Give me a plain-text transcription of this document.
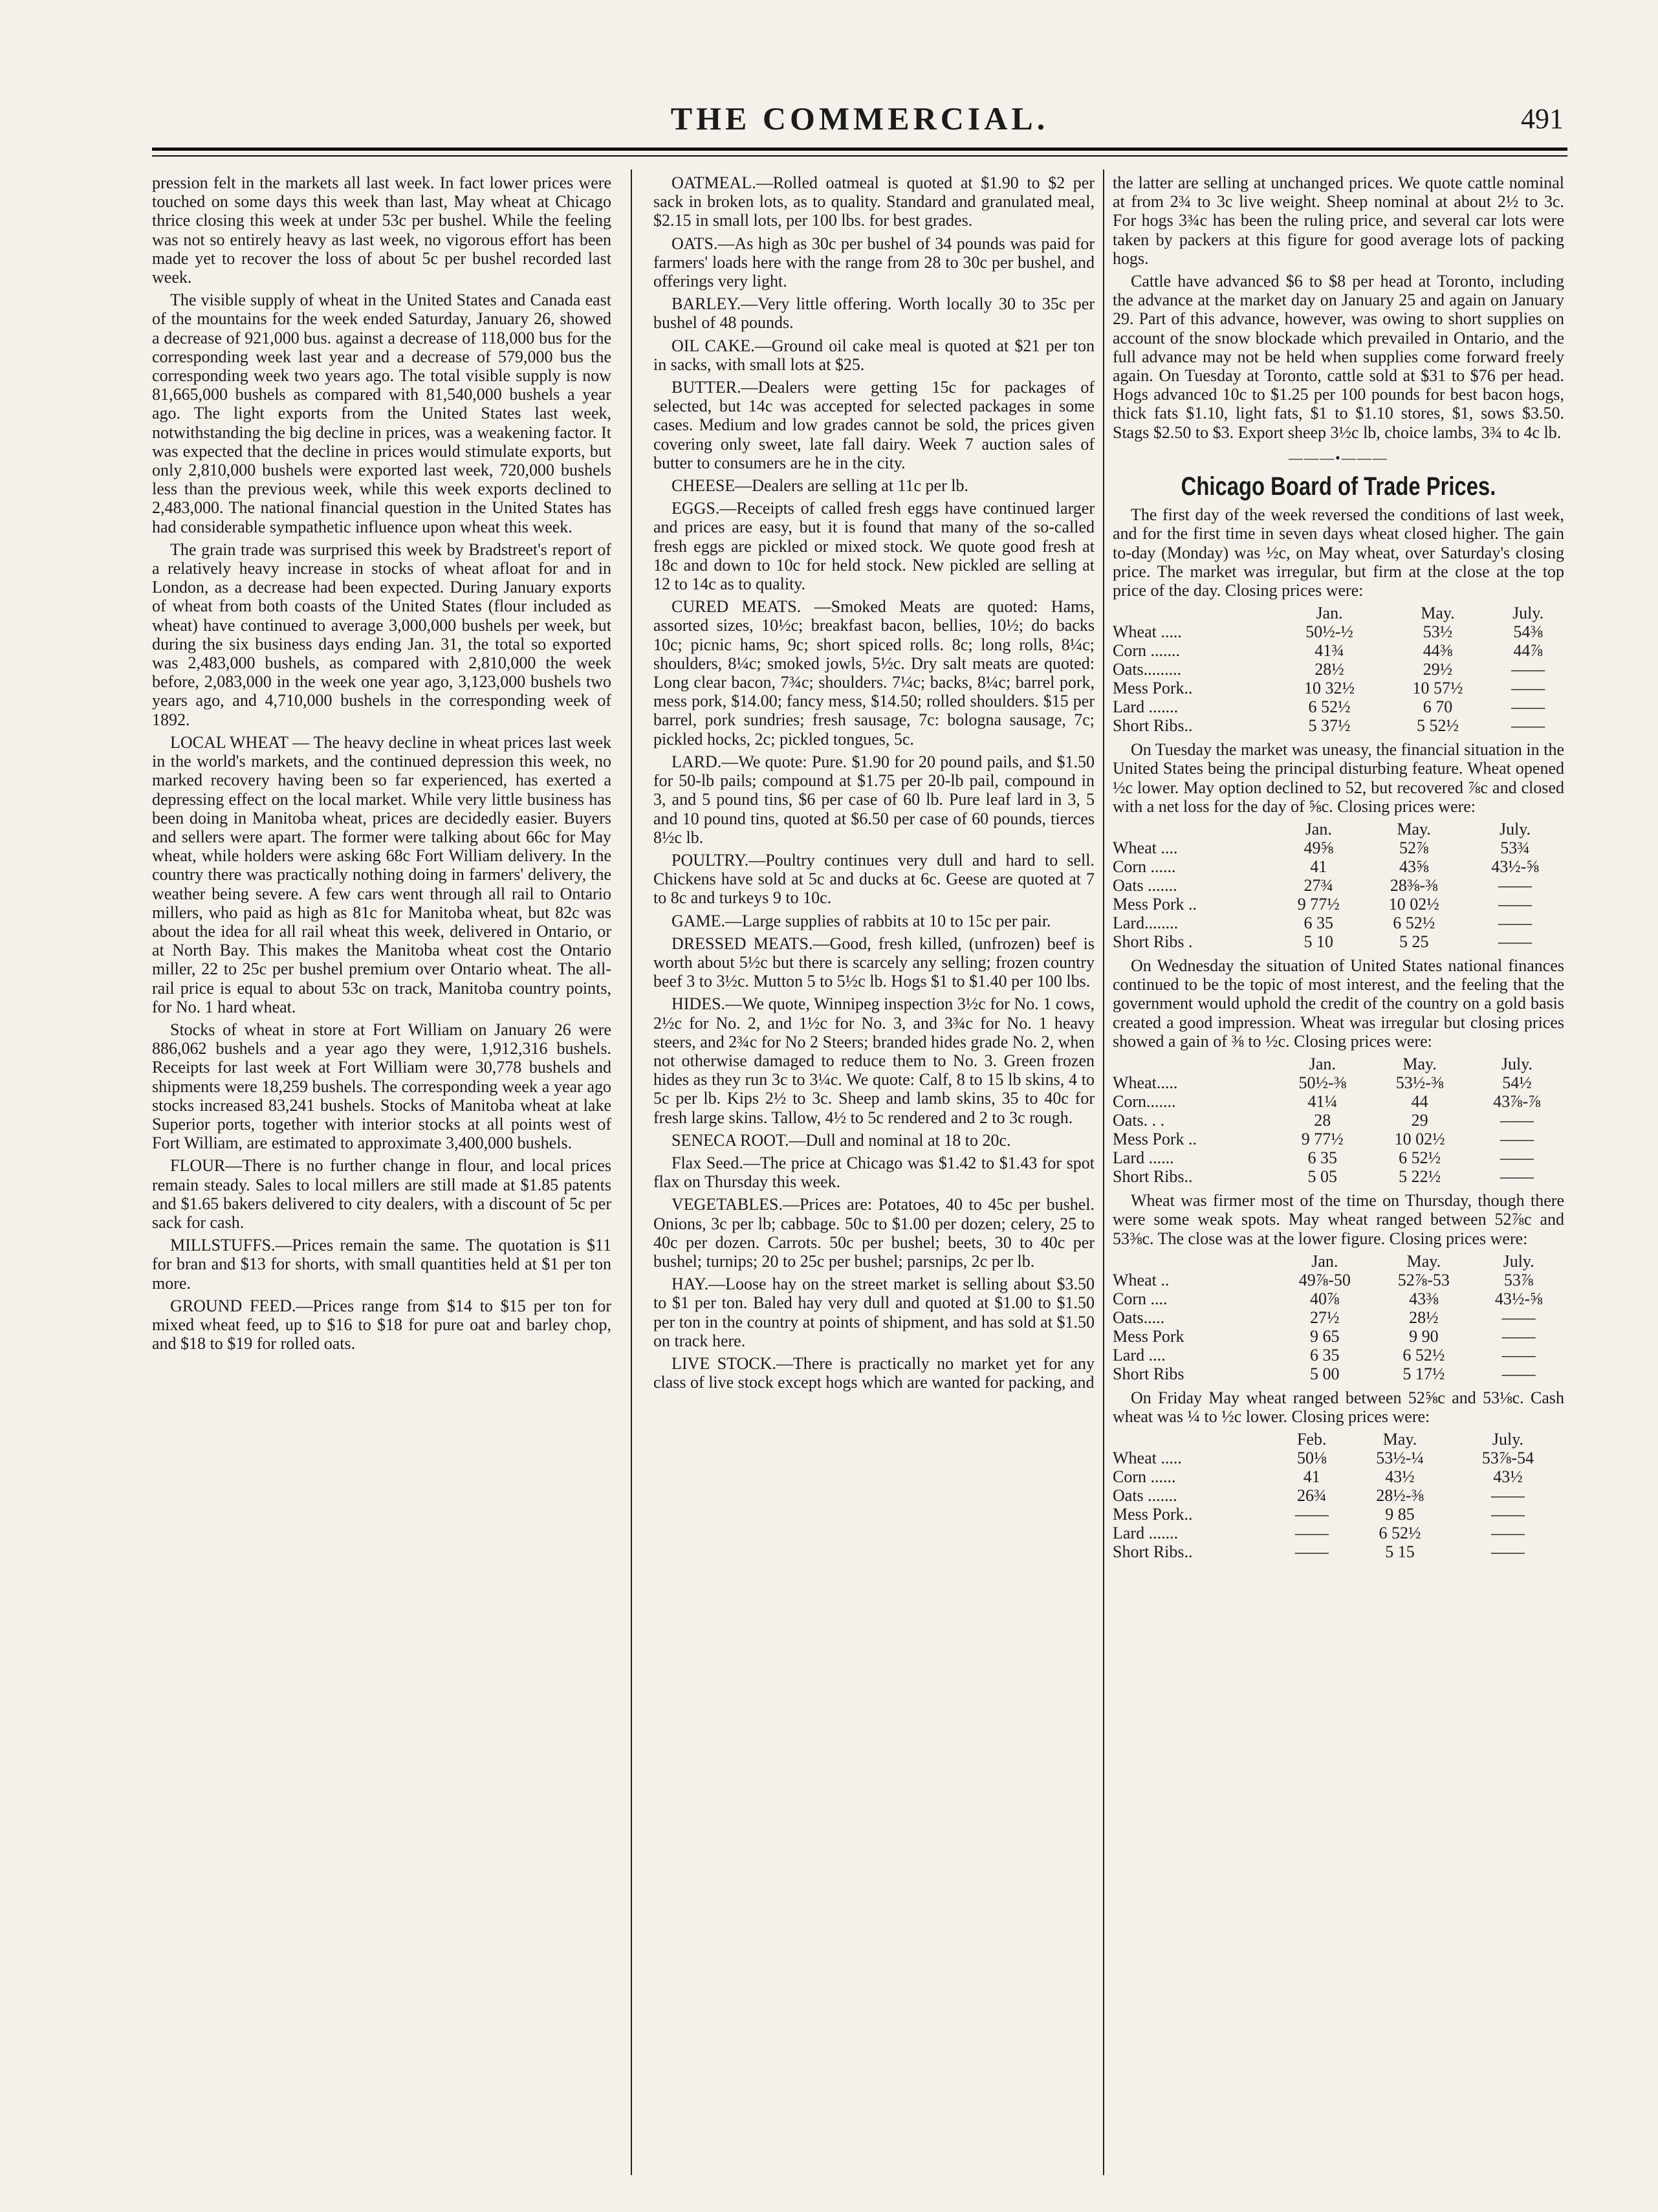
THE COMMERCIAL.	491

pression felt in the markets all last week. In fact lower prices were touched on some days this week than last, May wheat at Chicago thrice closing this week at under 53c per bushel. While the feeling was not so entirely heavy as last week, no vigorous effort has been made yet to recover the loss of about 5c per bushel recorded last week.

The visible supply of wheat in the United States and Canada east of the mountains for the week ended Saturday, January 26, showed a decrease of 921,000 bus. against a decrease of 118,000 bus for the corresponding week last year and a decrease of 579,000 bus the corresponding week two years ago. The total visible supply is now 81,665,000 bushels as compared with 81,540,000 bushels a year ago. The light exports from the United States last week, notwithstanding the big decline in prices, was a weakening factor. It was expected that the decline in prices would stimulate exports, but only 2,810,000 bushels were exported last week, 720,000 bushels less than the previous week, while this week exports declined to 2,483,000. The national financial question in the United States has had considerable sympathetic influence upon wheat this week.

The grain trade was surprised this week by Bradstreet's report of a relatively heavy increase in stocks of wheat afloat for and in London, as a decrease had been expected. During January exports of wheat from both coasts of the United States (flour included as wheat) have continued to average 3,000,000 bushels per week, but during the six business days ending Jan. 31, the total so exported was 2,483,000 bushels, as compared with 2,810,000 the week before, 2,083,000 in the week one year ago, 3,123,000 bushels two years ago, and 4,710,000 bushels in the corresponding week of 1892.

LOCAL WHEAT — The heavy decline in wheat prices last week in the world's markets, and the continued depression this week, no marked recovery having been so far experienced, has exerted a depressing effect on the local market. While very little business has been doing in Manitoba wheat, prices are decidedly easier. Buyers and sellers were apart. The former were talking about 66c for May wheat, while holders were asking 68c Fort William delivery. In the country there was practically nothing doing in farmers' delivery, the weather being severe. A few cars went through all rail to Ontario millers, who paid as high as 81c for Manitoba wheat, but 82c was about the idea for all rail wheat this week, delivered in Ontario, or at North Bay. This makes the Manitoba wheat cost the Ontario miller, 22 to 25c per bushel premium over Ontario wheat. The all-rail price is equal to about 53c on track, Manitoba country points, for No. 1 hard wheat.

Stocks of wheat in store at Fort William on January 26 were 886,062 bushels and a year ago they were, 1,912,316 bushels. Receipts for last week at Fort William were 30,778 bushels and shipments were 18,259 bushels. The corresponding week a year ago stocks increased 83,241 bushels. Stocks of Manitoba wheat at lake Superior ports, together with interior stocks at all points west of Fort William, are estimated to approximate 3,400,000 bushels.

FLOUR—There is no further change in flour, and local prices remain steady. Sales to local millers are still made at $1.85 patents and $1.65 bakers delivered to city dealers, with a discount of 5c per sack for cash.

MILLSTUFFS.—Prices remain the same. The quotation is $11 for bran and $13 for shorts, with small quantities held at $1 per ton more.

GROUND FEED.—Prices range from $14 to $15 per ton for mixed wheat feed, up to $16 to $18 for pure oat and barley chop, and $18 to $19 for rolled oats.

OATMEAL.—Rolled oatmeal is quoted at $1.90 to $2 per sack in broken lots, as to quality. Standard and granulated meal, $2.15 in small lots, per 100 lbs. for best grades.

OATS.—As high as 30c per bushel of 34 pounds was paid for farmers' loads here with the range from 28 to 30c per bushel, and offerings very light.

BARLEY.—Very little offering. Worth locally 30 to 35c per bushel of 48 pounds.

OIL CAKE.—Ground oil cake meal is quoted at $21 per ton in sacks, with small lots at $25.

BUTTER.—Dealers were getting 15c for packages of selected, but 14c was accepted for selected packages in some cases. Medium and low grades cannot be sold, the prices given covering only sweet, late fall dairy. Week 7 auction sales of butter to consumers are he in the city.

CHEESE—Dealers are selling at 11c per lb.

EGGS.—Receipts of called fresh eggs have continued larger and prices are easy, but it is found that many of the so-called fresh eggs are pickled or mixed stock. We quote good fresh at 18c and down to 10c for held stock. New pickled are selling at 12 to 14c as to quality.

CURED MEATS. —Smoked Meats are quoted: Hams, assorted sizes, 10½c; breakfast bacon, bellies, 10½; do backs 10c; picnic hams, 9c; short spiced rolls. 8c; long rolls, 8¼c; shoulders, 8¼c; smoked jowls, 5½c. Dry salt meats are quoted: Long clear bacon, 7¾c; shoulders. 7¼c; backs, 8¼c; barrel pork, mess pork, $14.00; fancy mess, $14.50; rolled shoulders. $15 per barrel, pork sundries; fresh sausage, 7c: bologna sausage, 7c; pickled hocks, 2c; pickled tongues, 5c.

LARD.—We quote: Pure. $1.90 for 20 pound pails, and $1.50 for 50-lb pails; compound at $1.75 per 20-lb pail, compound in 3, and 5 pound tins, $6 per case of 60 lb. Pure leaf lard in 3, 5 and 10 pound tins, quoted at $6.50 per case of 60 pounds, tierces 8½c lb.

POULTRY.—Poultry continues very dull and hard to sell. Chickens have sold at 5c and ducks at 6c. Geese are quoted at 7 to 8c and turkeys 9 to 10c.

GAME.—Large supplies of rabbits at 10 to 15c per pair.

DRESSED MEATS.—Good, fresh killed, (unfrozen) beef is worth about 5½c but there is scarcely any selling; frozen country beef 3 to 3½c. Mutton 5 to 5½c lb. Hogs $1 to $1.40 per 100 lbs.

HIDES.—We quote, Winnipeg inspection 3½c for No. 1 cows, 2½c for No. 2, and 1½c for No. 3, and 3¾c for No. 1 heavy steers, and 2¾c for No 2 Steers; branded hides grade No. 2, when not otherwise damaged to reduce them to No. 3. Green frozen hides as they run 3c to 3¼c. We quote: Calf, 8 to 15 lb skins, 4 to 5c per lb. Kips 2½ to 3c. Sheep and lamb skins, 35 to 40c for fresh large skins. Tallow, 4½ to 5c rendered and 2 to 3c rough.

SENECA ROOT.—Dull and nominal at 18 to 20c.

Flax Seed.—The price at Chicago was $1.42 to $1.43 for spot flax on Thursday this week.

VEGETABLES.—Prices are: Potatoes, 40 to 45c per bushel. Onions, 3c per lb; cabbage. 50c to $1.00 per dozen; celery, 25 to 40c per dozen. Carrots. 50c per bushel; beets, 30 to 40c per bushel; turnips; 20 to 25c per bushel; parsnips, 2c per lb.

HAY.—Loose hay on the street market is selling about $3.50 to $1 per ton. Baled hay very dull and quoted at $1.00 to $1.50 per ton in the country at points of shipment, and has sold at $1.50 on track here.

LIVE STOCK.—There is practically no market yet for any class of live stock except hogs which are wanted for packing, and

the latter are selling at unchanged prices. We quote cattle nominal at from 2¾ to 3c live weight. Sheep nominal at about 2½ to 3c. For hogs 3¾c has been the ruling price, and several car lots were taken by packers at this figure for good average lots of packing hogs.

Cattle have advanced $6 to $8 per head at Toronto, including the advance at the market day on January 25 and again on January 29. Part of this advance, however, was owing to short supplies on account of the snow blockade which prevailed in Ontario, and the full advance may not be held when supplies come forward freely again. On Tuesday at Toronto, cattle sold at $31 to $76 per head. Hogs advanced 10c to $1.25 per 100 pounds for best bacon hogs, thick fats $1.10, light fats, $1 to $1.10 stores, $1, sows $3.50. Stags $2.50 to $3. Export sheep 3½c lb, choice lambs, 3¾ to 4c lb.

———•———
Chicago Board of Trade Prices.

The first day of the week reversed the conditions of last week, and for the first time in seven days wheat closed higher. The gain to-day (Monday) was ½c, on May wheat, over Saturday's closing price. The market was irregular, but firm at the close at the top price of the day. Closing prices were:

	Jan.	May.	July.
Wheat .....	50½-½	53½	54⅜
Corn .......	41¾	44⅜	44⅞
Oats.........	28½	29½	——
Mess Pork..	10 32½	10 57½	——
Lard .......	6 52½	6 70	——
Short Ribs..	5 37½	5 52½	——

On Tuesday the market was uneasy, the financial situation in the United States being the principal disturbing feature. Wheat opened ½c lower. May option declined to 52, but recovered ⅞c and closed with a net loss for the day of ⅝c. Closing prices were:

	Jan.	May.	July.
Wheat ....	49⅝	52⅞	53¾
Corn ......	41	43⅝	43½-⅝
Oats .......	27¾	28⅜-⅜	——
Mess Pork ..	9 77½	10 02½	——
Lard........	6 35	6 52½	——
Short Ribs .	5 10	5 25	——

On Wednesday the situation of United States national finances continued to be the topic of most interest, and the feeling that the government would uphold the credit of the country on a gold basis created a good impression. Wheat was irregular but closing prices showed a gain of ⅜ to ½c. Closing prices were:

	Jan.	May.	July.
Wheat.....	50½-⅜	53½-⅜	54½
Corn.......	41¼	44	43⅞-⅞
Oats. . .	28	29	——
Mess Pork ..	9 77½	10 02½	——
Lard ......	6 35	6 52½	——
Short Ribs..	5 05	5 22½	——

Wheat was firmer most of the time on Thursday, though there were some weak spots. May wheat ranged between 52⅞c and 53⅜c. The close was at the lower figure. Closing prices were:

	Jan.	May.	July.
Wheat ..	49⅞-50	52⅞-53	53⅞
Corn ....	40⅞	43⅜	43½-⅝
Oats.....	27½	28½	——
Mess Pork	9 65	9 90	——
Lard ....	6 35	6 52½	——
Short Ribs	5 00	5 17½	——

On Friday May wheat ranged between 52⅝c and 53⅛c. Cash wheat was ¼ to ½c lower. Closing prices were:

	Feb.	May.	July.
Wheat .....	50⅛	53½-¼	53⅞-54
Corn ......	41	43½	43½
Oats .......	26¾	28½-⅜	——
Mess Pork..	——	9 85	——
Lard .......	——	6 52½	——
Short Ribs..	——	5 15	——
